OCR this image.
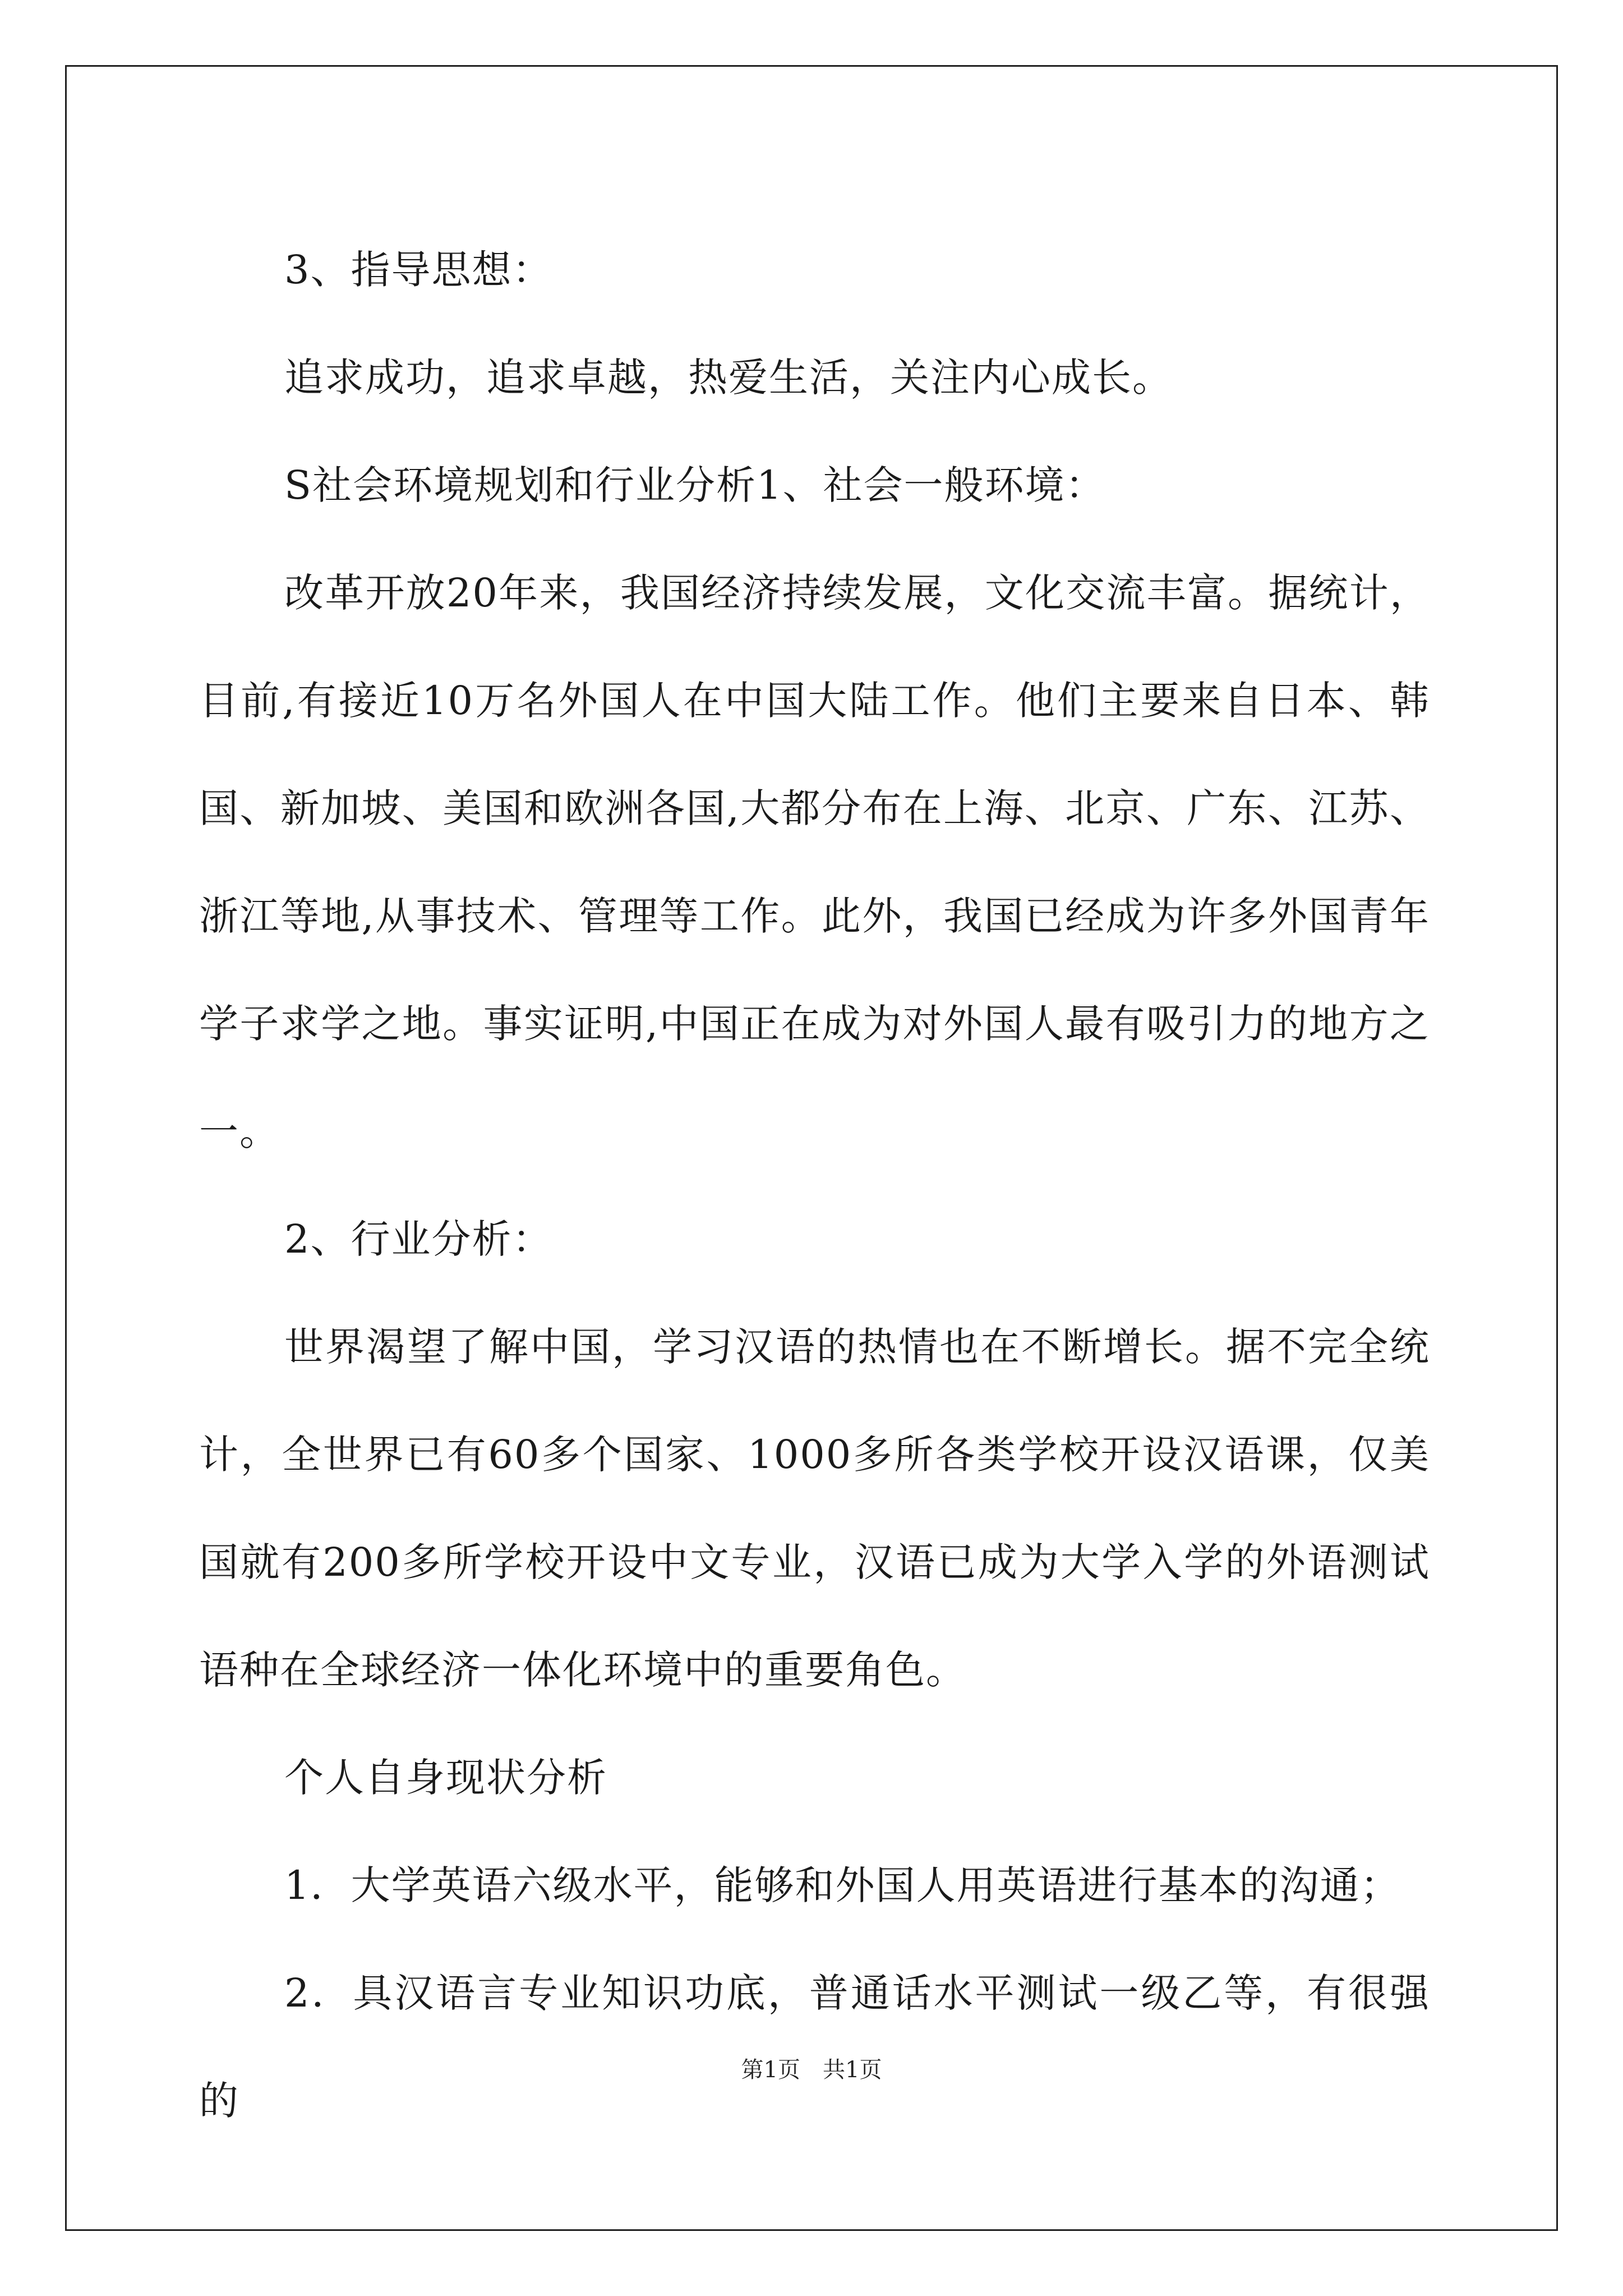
3、指导思想：

追求成功，追求卓越，热爱生活，关注内心成长。

S社会环境规划和行业分析1、社会一般环境：

改革开放20年来，我国经济持续发展，文化交流丰富。据统计，目前,有接近10万名外国人在中国大陆工作。他们主要来自日本、韩国、新加坡、美国和欧洲各国,大都分布在上海、北京、广东、江苏、浙江等地,从事技术、管理等工作。此外，我国已经成为许多外国青年学子求学之地。事实证明,中国正在成为对外国人最有吸引力的地方之一。

2、行业分析：

世界渴望了解中国，学习汉语的热情也在不断增长。据不完全统计，全世界已有60多个国家、1000多所各类学校开设汉语课，仅美国就有200多所学校开设中文专业，汉语已成为大学入学的外语测试语种在全球经济一体化环境中的重要角色。

个人自身现状分析

1．大学英语六级水平，能够和外国人用英语进行基本的沟通；

2．具汉语言专业知识功底，普通话水平测试一级乙等，有很强的

第1页 共1页
